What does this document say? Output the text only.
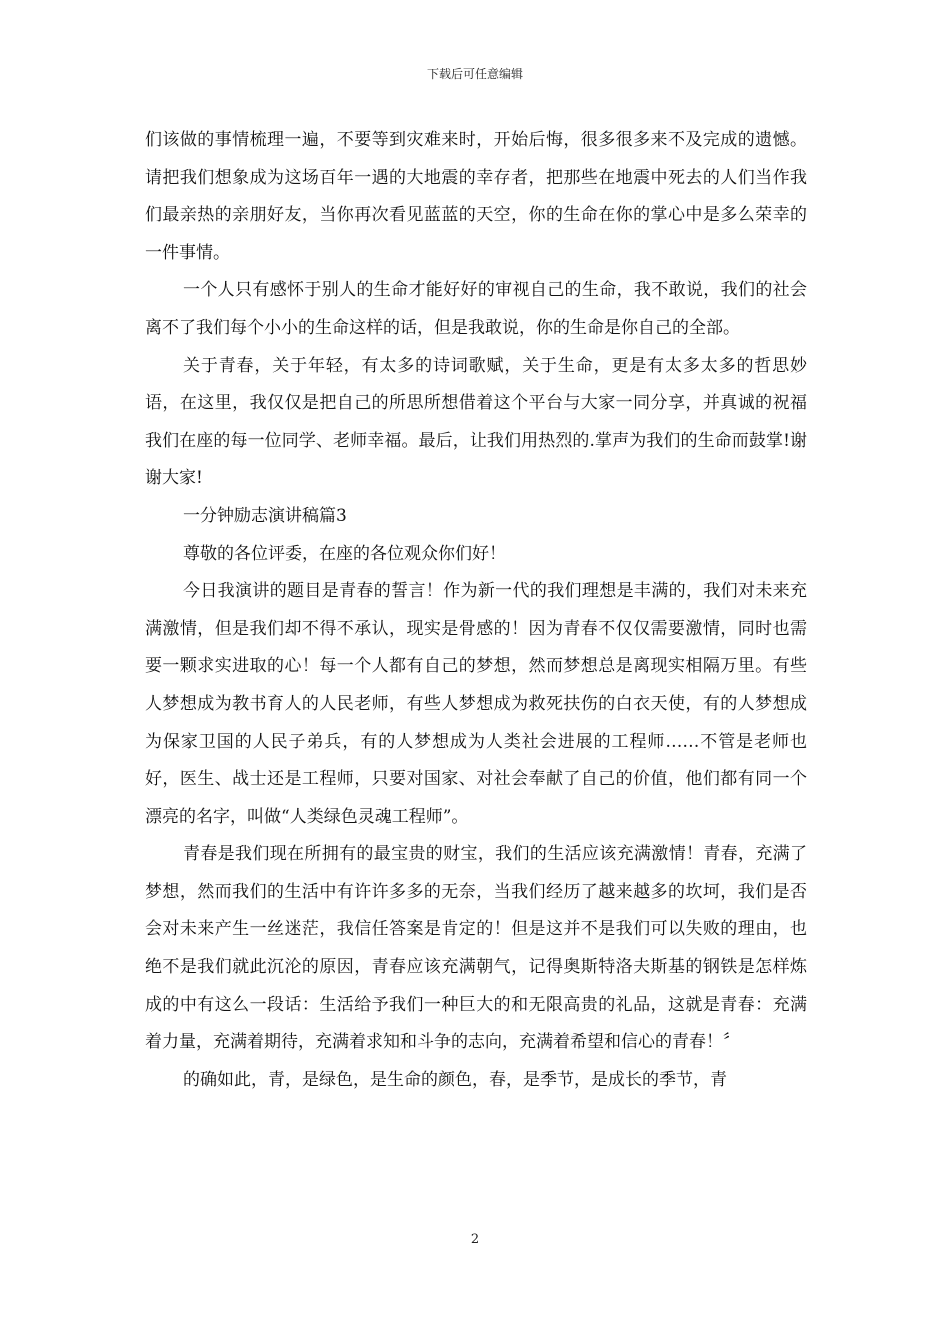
下载后可任意编辑

们该做的事情梳理一遍，不要等到灾难来时，开始后悔，很多很多来不及完成的遗憾。请把我们想象成为这场百年一遇的大地震的幸存者，把那些在地震中死去的人们当作我们最亲热的亲朋好友，当你再次看见蓝蓝的天空，你的生命在你的掌心中是多么荣幸的一件事情。

一个人只有感怀于别人的生命才能好好的审视自己的生命，我不敢说，我们的社会离不了我们每个小小的生命这样的话，但是我敢说，你的生命是你自己的全部。

关于青春，关于年轻，有太多的诗词歌赋，关于生命，更是有太多太多的哲思妙语，在这里，我仅仅是把自己的所思所想借着这个平台与大家一同分享，并真诚的祝福我们在座的每一位同学、老师幸福。最后，让我们用热烈的.掌声为我们的生命而鼓掌!谢谢大家!

一分钟励志演讲稿篇3

尊敬的各位评委，在座的各位观众你们好！

今日我演讲的题目是青春的誓言！作为新一代的我们理想是丰满的，我们对未来充满激情，但是我们却不得不承认，现实是骨感的！因为青春不仅仅需要激情，同时也需要一颗求实进取的心！每一个人都有自己的梦想，然而梦想总是离现实相隔万里。有些人梦想成为教书育人的人民老师，有些人梦想成为救死扶伤的白衣天使，有的人梦想成为保家卫国的人民子弟兵，有的人梦想成为人类社会进展的工程师……不管是老师也好，医生、战士还是工程师，只要对国家、对社会奉献了自己的价值，他们都有同一个漂亮的名字，叫做“人类绿色灵魂工程师”。

青春是我们现在所拥有的最宝贵的财宝，我们的生活应该充满激情！青春，充满了梦想，然而我们的生活中有许许多多的无奈，当我们经历了越来越多的坎坷，我们是否会对未来产生一丝迷茫，我信任答案是肯定的！但是这并不是我们可以失败的理由，也绝不是我们就此沉沦的原因，青春应该充满朝气，记得奥斯特洛夫斯基的钢铁是怎样炼成的中有这么一段话：生活给予我们一种巨大的和无限高贵的礼品，这就是青春：充满着力量，充满着期待，充满着求知和斗争的志向，充满着希望和信心的青春！〞

的确如此，青，是绿色，是生命的颜色，春，是季节，是成长的季节，青

2
